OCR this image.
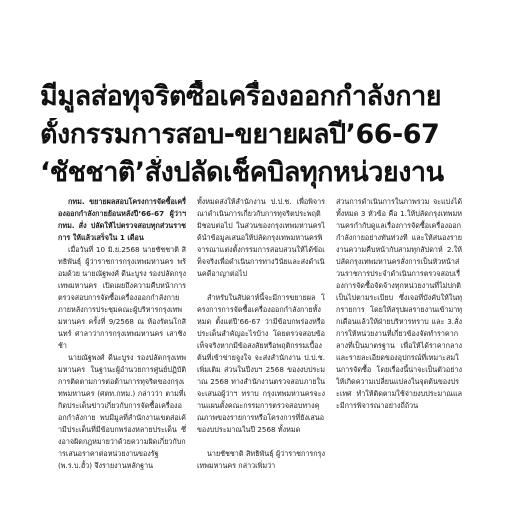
มีมูลส่อทุจริตซื้อเครื่องออกกำลังกาย
ตั้งกรรมการสอบ-ขยายผลปี’66-67
‘ชัชชาติ’สั่งปลัดเช็คบิลทุกหน่วยงาน

กทม. ขยายผลสอบโครงการจัดซื้อเครื่องออกกำลังกายย้อนหลังปี’66-67 ผู้ว่าฯ กทม. สั่ง ปลัดให้ไปตรวจสอบทุกส่วนราชการ ให้แล้วเสร็จใน 1 เดือน

เมื่อวันที่ 10 มิ.ย.2568 นายชัชชาติ สิทธิพันธุ์ ผู้ว่าราชการกรุงเทพมหานคร พร้อมด้วย นายณัฐพงศ์ ดีนะบูรง รองปลัดกรุงเทพมหานคร เปิดเผยถึงความคืบหน้าการตรวจสอบการจัดซื้อเครื่องออกกำลังกาย ภายหลังการประชุมคณะผู้บริหารกรุงเทพมหานคร ครั้งที่ 9/2568 ณ ห้องรัตนโกสินทร์ ศาลาว่าการกรุงเทพมหานคร เสาชิงช้า

นายณัฐพงศ์ ดีนะบูรง รองปลัดกรุงเทพมหานคร ในฐานะผู้อำนวยการศูนย์ปฏิบัติการติดตามการต่อต้านการทุจริตของกรุงเทพมหานคร (ศตท.กทม.) กล่าวว่า ตามที่เกิดประเด็นข่าวเกี่ยวกับการจัดซื้อเครื่องออกกำลังกาย พบมีมูลที่สำนักงานเขตส่อเค้ามีประเด็นที่มีข้อบกพร่องหลายประเด็น ซึ่งอาจผิดกฎหมายว่าด้วยความผิดเกี่ยวกับการเสนอราคาต่อหน่วยงานของรัฐ (พ.ร.บ.ฮั้ว) จึงรายงานหลักฐาน

ทั้งหมดส่งให้สำนักงาน ป.ป.ช. เพื่อพิจารณาดำเนินการเกี่ยวกับการทุจริตประพฤติมิชอบต่อไป ในส่วนของกรุงเทพมหานครได้นำข้อมูลเสนอให้ปลัดกรุงเทพมหานครพิจารณาแต่งตั้งกรรมการสอบสวนให้ได้ข้อเท็จจริงเพื่อดำเนินการทางวินัยและส่งดำเนินคดีอาญาต่อไป

สำหรับในสัปดาห์นี้จะมีการขยายผล โครงการการจัดซื้อเครื่องออกกำลังกายทั้งหมด ตั้งแต่ปี’66-67 ว่ามีข้อบกพร่องหรือประเด็นสำคัญอะไรบ้าง โดยตรวจสอบข้อเท็จจริงหากมีข้อสงสัยหรือพฤติกรรมเบื้องต้นที่เข้าข่ายจูงใจ จะส่งสำนักงาน ป.ป.ช. เพิ่มเติม ส่วนในปีงบฯ 2568 ของงบประมาณ 2568 ทางสำนักงานตรวจสอบภายใน จะเสนอผู้ว่าฯ ทราบ กรุงเทพมหานครจะงานแผนตั้งคณะกรรมการตรวจสอบทางคุณภาพของรายการหรือโครงการที่ยังเสนอของบประมาณในปี 2568 ทั้งหมด

นายชัชชาติ สิทธิพันธุ์ ผู้ว่าราชการกรุงเทพมหานคร กล่าวเพิ่มว่า

ส่วนการดำเนินการในภาพรวม จะแบ่งได้ทั้งหมด 3 หัวข้อ คือ 1.ให้ปลัดกรุงเทพมหานครกำกับดูแลเรื่องการจัดซื้อเครื่องออกกำลังกายอย่างทันท่วงที และให้สนองรายงานความคืบหน้ากับสามทุกสัปดาห์ 2.ให้ปลัดกรุงเทพมหานครสั่งการเป็นหัวหน้าส่วนราชการประจำดำเนินการตรวจสอบเรื่องการจัดซื้อจัดจ้างทุกหน่วยงานที่ไม่ปกติ เป็นไปตามระเบียบ ซึ่งเจอที่บังคับให้ในทุกรายการ โดยให้สรุปผลรายงานเข้ามาทุกเดือนแล้วให้ฝ่ายบริหารทราบ และ 3.สั่งการให้หน่วยงานที่เกี่ยวข้องจัดทำราคากลางที่เป็นมาตรฐาน เพื่อให้ได้ราคากลางและรายละเอียดของอุปกรณ์ที่เหมาะสมในการจัดซื้อ โดยเรื่องนี้น่าจะเป็นตัวอย่างให้เกิดความเปลี่ยนแปลงในจุดต้นของประเทศ ทำให้ติดตามใช้จ่ายงบประมาณและมีการพิจารณาอย่างถี่ถ้วน
